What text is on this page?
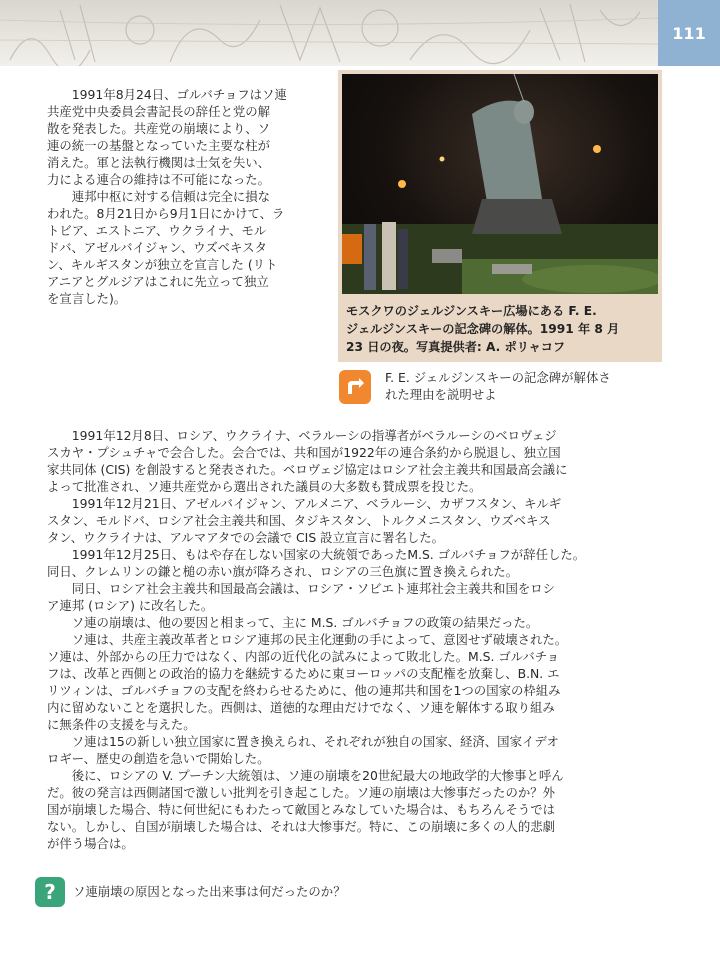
111

　　1991年8月24日、ゴルバチョフはソ連
共産党中央委員会書記長の辞任と党の解
散を発表した。共産党の崩壊により、ソ
連の統一の基盤となっていた主要な柱が
消えた。軍と法執行機関は士気を失い、
力による連合の維持は不可能になった。

　　連邦中枢に対する信頼は完全に損な
われた。8月21日から9月1日にかけて、ラ
トビア、エストニア、ウクライナ、モル
ドバ、アゼルバイジャン、ウズベキスタ
ン、キルギスタンが独立を宣言した (リト
アニアとグルジアはこれに先立って独立
を宣言した)。

モスクワのジェルジンスキー広場にある F. E.
ジェルジンスキーの記念碑の解体。1991 年 8 月
23 日の夜。写真提供者: A. ポリャコフ

F. E. ジェルジンスキーの記念碑が解体さ
れた理由を説明せよ

　　1991年12月8日、ロシア、ウクライナ、ベラルーシの指導者がベラルーシのベロヴェジ
スカヤ・プシュチャで会合した。会合では、共和国が1922年の連合条約から脱退し、独立国
家共同体 (CIS) を創設すると発表された。ベロヴェジ協定はロシア社会主義共和国最高会議に
よって批准され、ソ連共産党から選出された議員の大多数も賛成票を投じた。
　　1991年12月21日、アゼルバイジャン、アルメニア、ベラルーシ、カザフスタン、キルギ
スタン、モルドバ、ロシア社会主義共和国、タジキスタン、トルクメニスタン、ウズベキス
タン、ウクライナは、アルマアタでの会議で CIS 設立宣言に署名した。
　　1991年12月25日、もはや存在しない国家の大統領であったM.S. ゴルバチョフが辞任した。
同日、クレムリンの鎌と槌の赤い旗が降ろされ、ロシアの三色旗に置き換えられた。
　　同日、ロシア社会主義共和国最高会議は、ロシア・ソビエト連邦社会主義共和国をロシ
ア連邦 (ロシア) に改名した。
　　ソ連の崩壊は、他の要因と相まって、主に M.S. ゴルバチョフの政策の結果だった。
　　ソ連は、共産主義改革者とロシア連邦の民主化運動の手によって、意図せず破壊された。
ソ連は、外部からの圧力ではなく、内部の近代化の試みによって敗北した。M.S. ゴルバチョ
フは、改革と西側との政治的協力を継続するために東ヨーロッパの支配権を放棄し、B.N. エ
リツィンは、ゴルバチョフの支配を終わらせるために、他の連邦共和国を1つの国家の枠組み
内に留めないことを選択した。西側は、道徳的な理由だけでなく、ソ連を解体する取り組み
に無条件の支援を与えた。
　　ソ連は15の新しい独立国家に置き換えられ、それぞれが独自の国家、経済、国家イデオ
ロギー、歴史の創造を急いで開始した。
　　後に、ロシアの V. プーチン大統領は、ソ連の崩壊を20世紀最大の地政学的大惨事と呼ん
だ。彼の発言は西側諸国で激しい批判を引き起こした。ソ連の崩壊は大惨事だったのか？外
国が崩壊した場合、特に何世紀にもわたって敵国とみなしていた場合は、もちろんそうでは
ない。しかし、自国が崩壊した場合は、それは大惨事だ。特に、この崩壊に多くの人的悲劇
が伴う場合は。

?	ソ連崩壊の原因となった出来事は何だったのか？
